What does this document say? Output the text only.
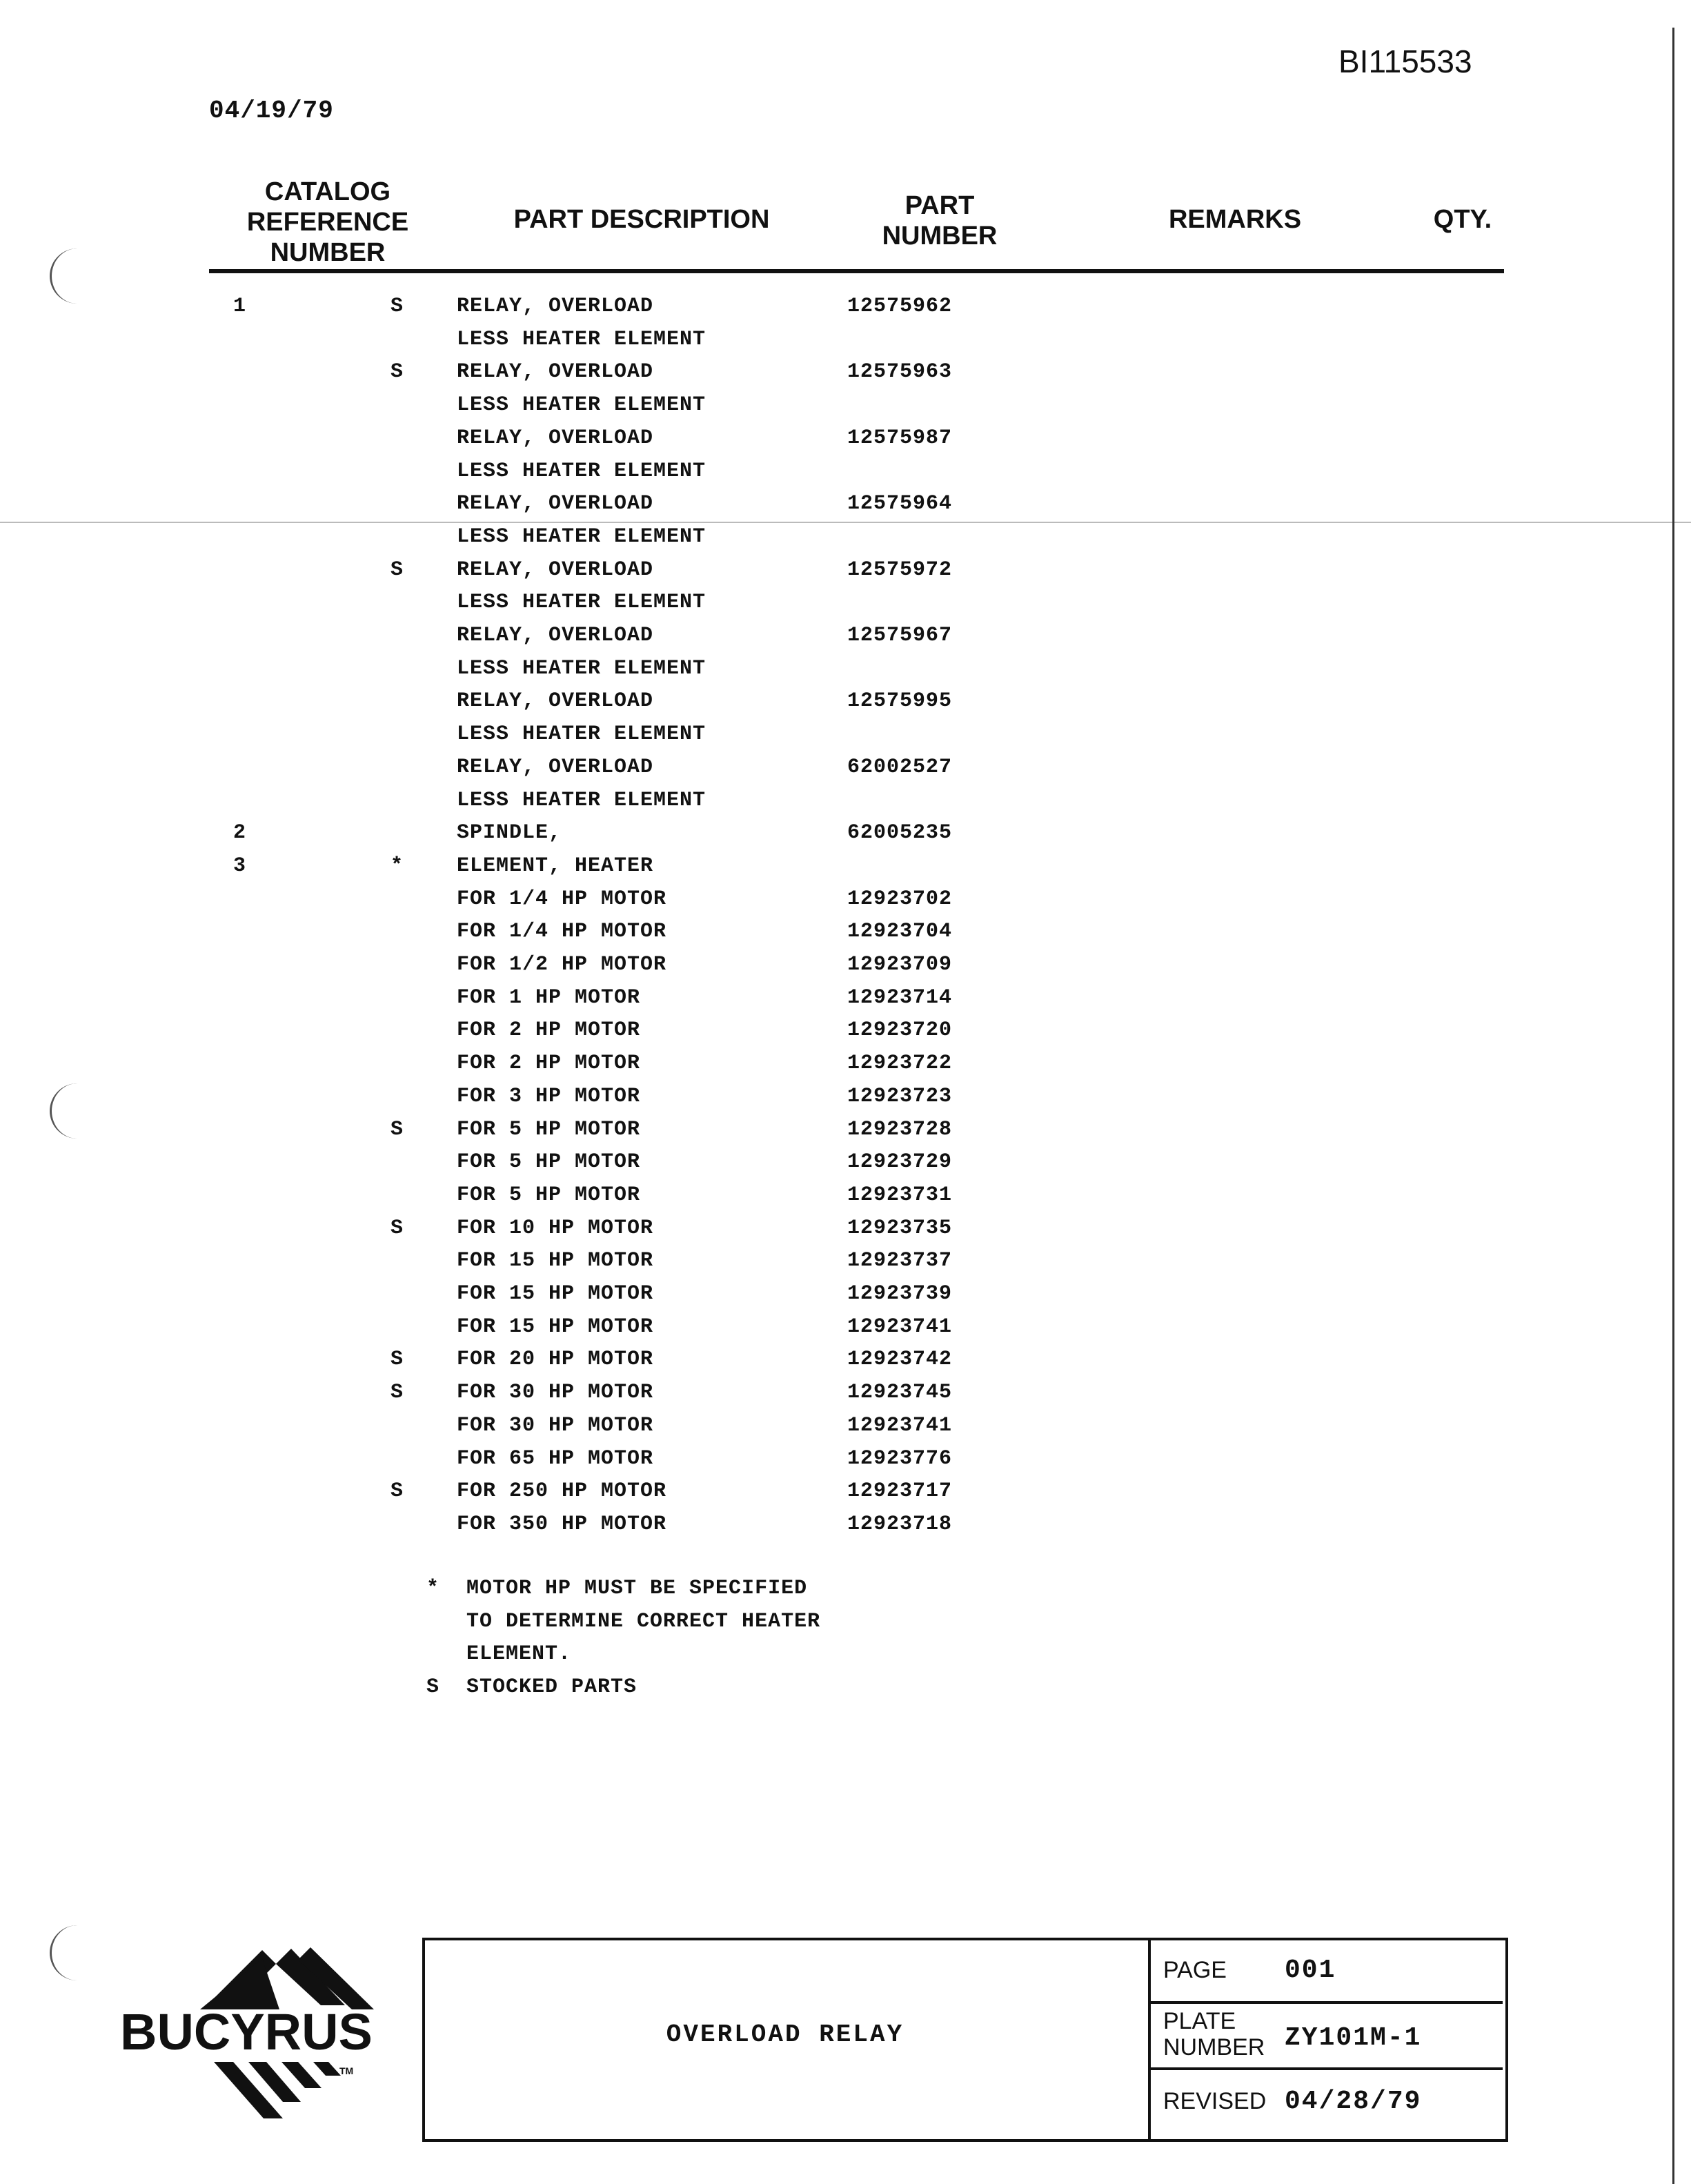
BI115533
04/19/79
CATALOG
REFERENCE
NUMBER
PART DESCRIPTION	PART
NUMBER
REMARKS	QTY.
1	S	RELAY, OVERLOAD	12575962
LESS HEATER ELEMENT
S	RELAY, OVERLOAD	12575963
LESS HEATER ELEMENT
RELAY, OVERLOAD	12575987
LESS HEATER ELEMENT
RELAY, OVERLOAD	12575964
LESS HEATER ELEMENT
S	RELAY, OVERLOAD	12575972
LESS HEATER ELEMENT
RELAY, OVERLOAD	12575967
LESS HEATER ELEMENT
RELAY, OVERLOAD	12575995
LESS HEATER ELEMENT
RELAY, OVERLOAD	62002527
LESS HEATER ELEMENT
2	SPINDLE,	62005235
3	*	ELEMENT, HEATER
FOR 1/4 HP MOTOR	12923702
FOR 1/4 HP MOTOR	12923704
FOR 1/2 HP MOTOR	12923709
FOR 1 HP MOTOR	12923714
FOR 2 HP MOTOR	12923720
FOR 2 HP MOTOR	12923722
FOR 3 HP MOTOR	12923723
S	FOR 5 HP MOTOR	12923728
FOR 5 HP MOTOR	12923729
FOR 5 HP MOTOR	12923731
S	FOR 10 HP MOTOR	12923735
FOR 15 HP MOTOR	12923737
FOR 15 HP MOTOR	12923739
FOR 15 HP MOTOR	12923741
S	FOR 20 HP MOTOR	12923742
S	FOR 30 HP MOTOR	12923745
FOR 30 HP MOTOR	12923741
FOR 65 HP MOTOR	12923776
S	FOR 250 HP MOTOR	12923717
FOR 350 HP MOTOR	12923718
* MOTOR HP MUST BE SPECIFIED
TO DETERMINE CORRECT HEATER
ELEMENT.
S STOCKED PARTS
BUCYRUS
TM
OVERLOAD RELAY
PAGE 001
PLATE
NUMBER ZY101M-1
REVISED 04/28/79
